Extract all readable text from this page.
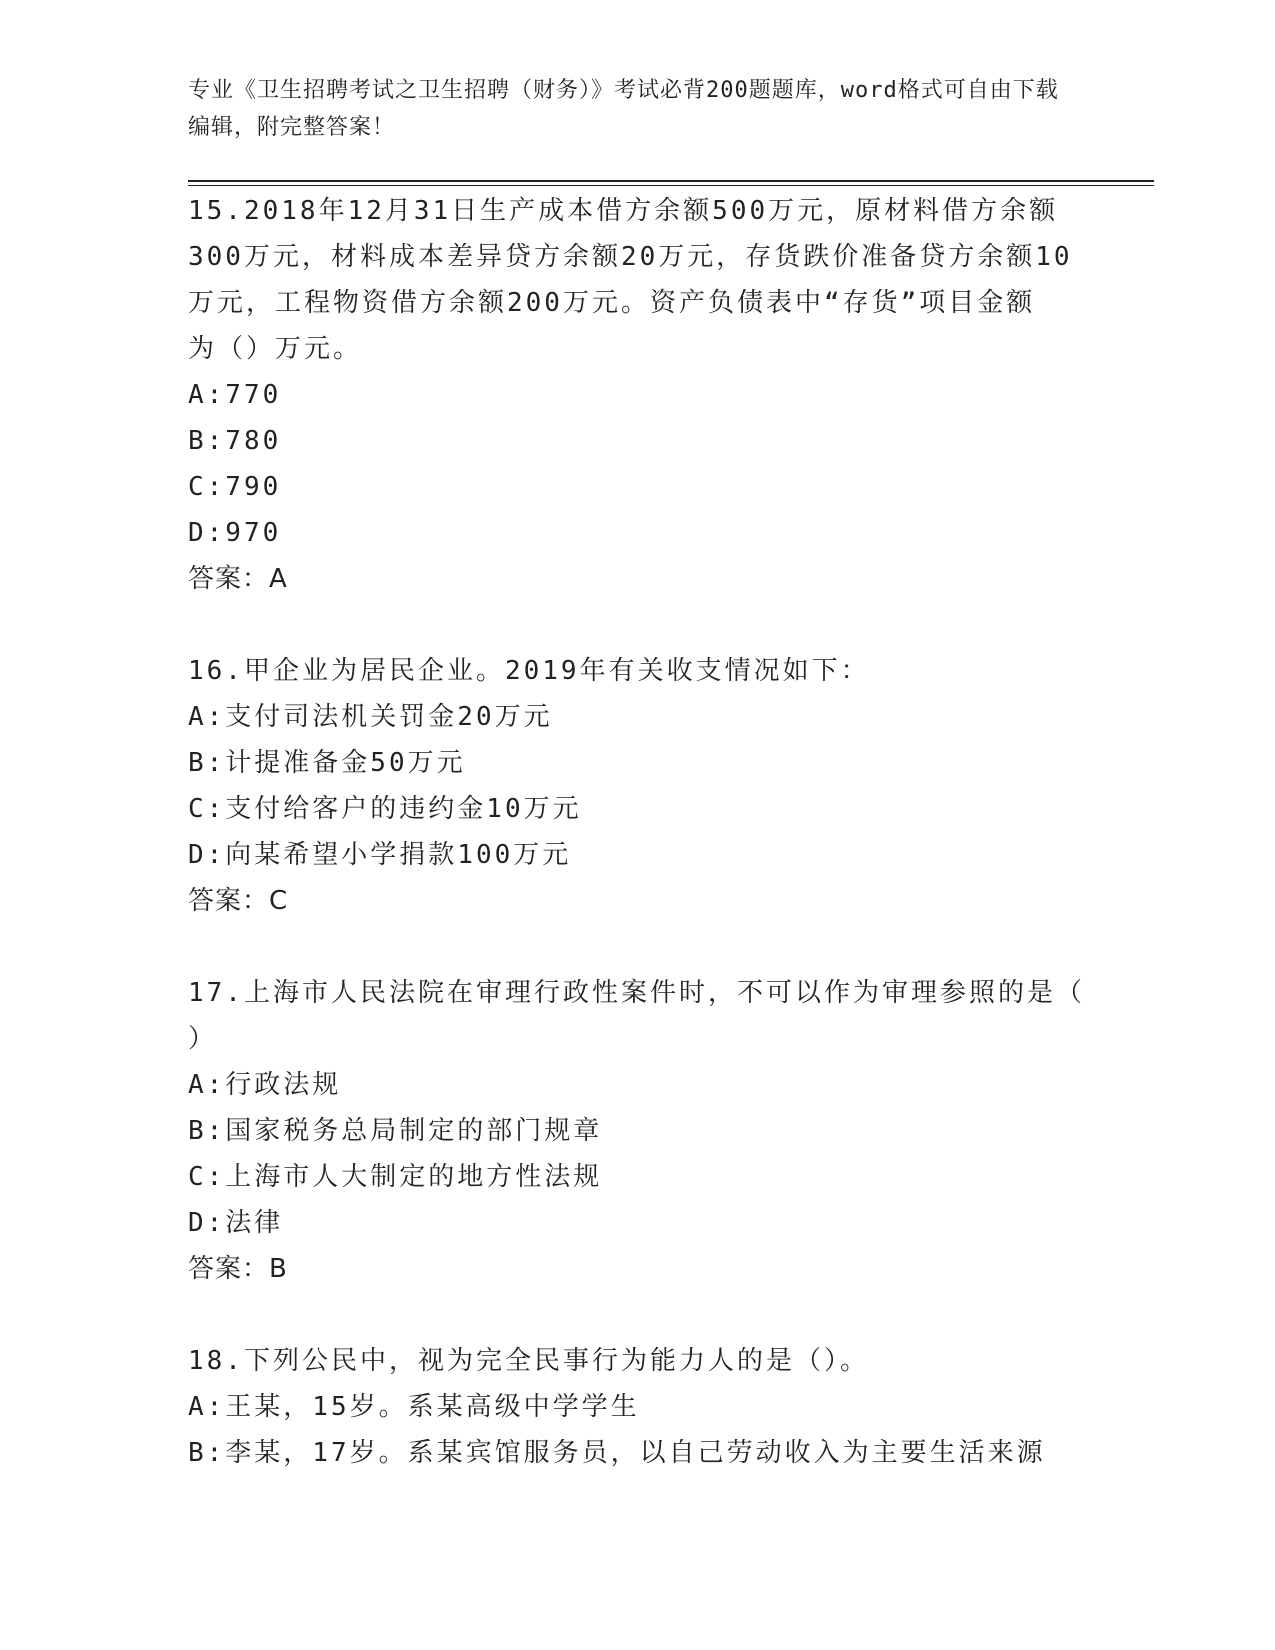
专业《卫生招聘考试之卫生招聘（财务）》考试必背200题题库，word格式可自由下载编辑，附完整答案！

15.2018年12月31日生产成本借方余额500万元，原材料借方余额

300万元，材料成本差异贷方余额20万元，存货跌价准备贷方余额10

万元，工程物资借方余额200万元。资产负债表中“存货”项目金额

为（）万元。

A:770

B:780

C:790

D:970

答案：A

16.甲企业为居民企业。2019年有关收支情况如下：

A:支付司法机关罚金20万元

B:计提准备金50万元

C:支付给客户的违约金10万元

D:向某希望小学捐款100万元

答案：C

17.上海市人民法院在审理行政性案件时，不可以作为审理参照的是（

）

A:行政法规

B:国家税务总局制定的部门规章

C:上海市人大制定的地方性法规

D:法律

答案：B

18.下列公民中，视为完全民事行为能力人的是（）。

A:王某，15岁。系某高级中学学生

B:李某，17岁。系某宾馆服务员，以自己劳动收入为主要生活来源
